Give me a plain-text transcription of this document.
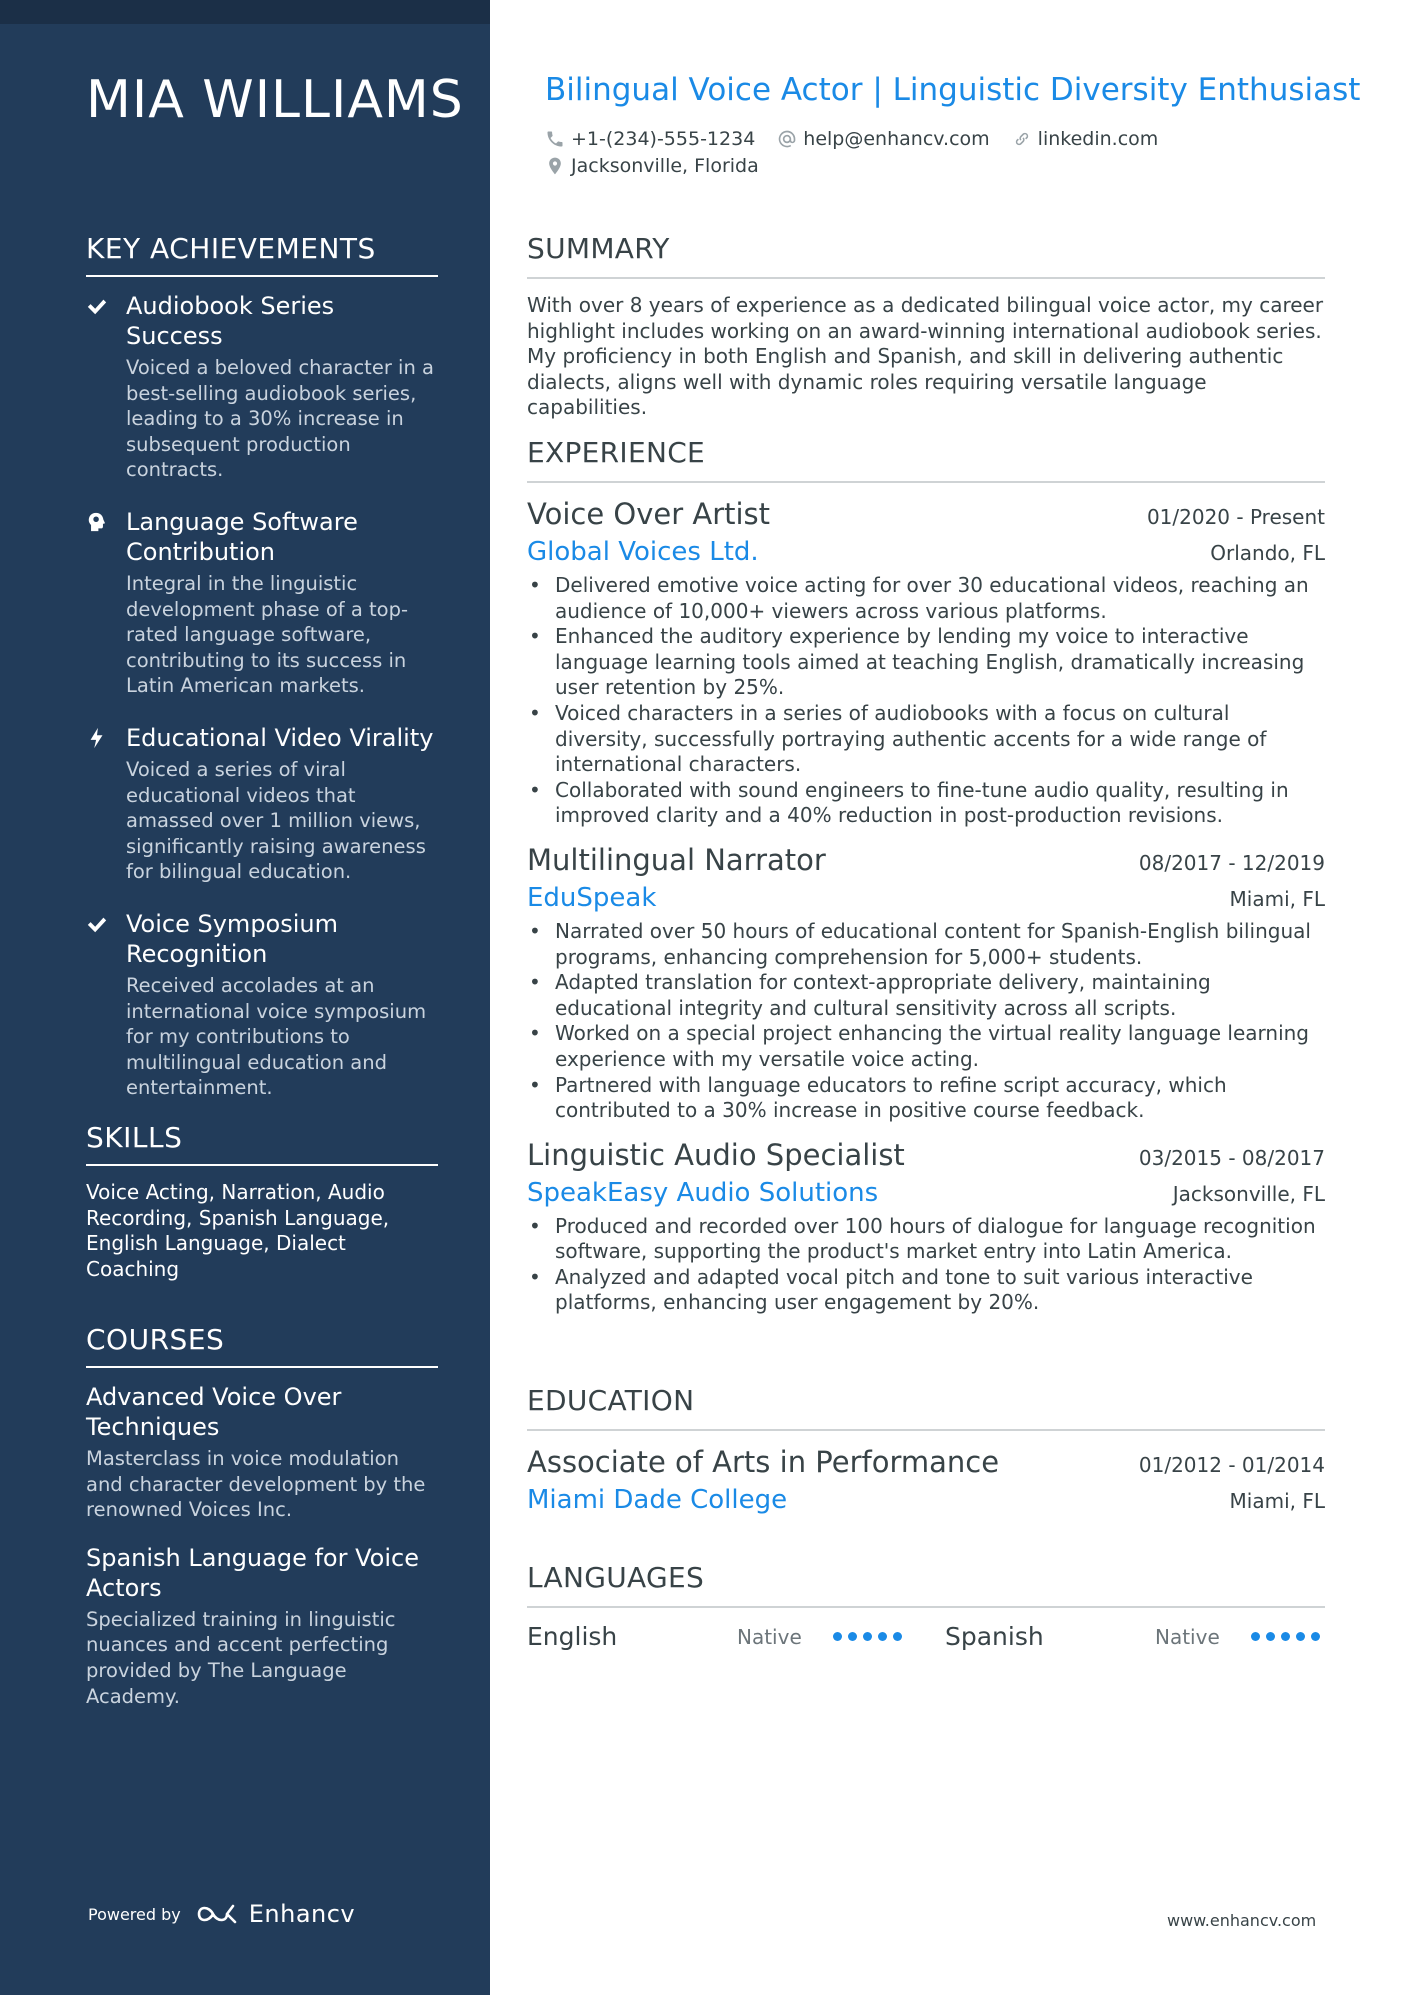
MIA WILLIAMS
KEY ACHIEVEMENTS
Audiobook Series Success
Voiced a beloved character in a best-selling audiobook series, leading to a 30% increase in subsequent production contracts.
Language Software Contribution
Integral in the linguistic development phase of a top-rated language software, contributing to its success in Latin American markets.
Educational Video Virality
Voiced a series of viral educational videos that amassed over 1 million views, significantly raising awareness for bilingual education.
Voice Symposium Recognition
Received accolades at an international voice symposium for my contributions to multilingual education and entertainment.
SKILLS
Voice Acting, Narration, Audio Recording, Spanish Language, English Language, Dialect Coaching
COURSES
Advanced Voice Over Techniques
Masterclass in voice modulation and character development by the renowned Voices Inc.
Spanish Language for Voice Actors
Specialized training in linguistic nuances and accent perfecting provided by The Language Academy.
Powered by	Enhancv
Bilingual Voice Actor | Linguistic Diversity Enthusiast
+1-(234)-555-1234	help@enhancv.com	linkedin.com
Jacksonville, Florida
SUMMARY
With over 8 years of experience as a dedicated bilingual voice actor, my career highlight includes working on an award-winning international audiobook series. My proficiency in both English and Spanish, and skill in delivering authentic dialects, aligns well with dynamic roles requiring versatile language capabilities.
EXPERIENCE
Voice Over Artist	01/2020 - Present
Global Voices Ltd.	Orlando, FL
• Delivered emotive voice acting for over 30 educational videos, reaching an audience of 10,000+ viewers across various platforms.
• Enhanced the auditory experience by lending my voice to interactive language learning tools aimed at teaching English, dramatically increasing user retention by 25%.
• Voiced characters in a series of audiobooks with a focus on cultural diversity, successfully portraying authentic accents for a wide range of international characters.
• Collaborated with sound engineers to fine-tune audio quality, resulting in improved clarity and a 40% reduction in post-production revisions.
Multilingual Narrator	08/2017 - 12/2019
EduSpeak	Miami, FL
• Narrated over 50 hours of educational content for Spanish-English bilingual programs, enhancing comprehension for 5,000+ students.
• Adapted translation for context-appropriate delivery, maintaining educational integrity and cultural sensitivity across all scripts.
• Worked on a special project enhancing the virtual reality language learning experience with my versatile voice acting.
• Partnered with language educators to refine script accuracy, which contributed to a 30% increase in positive course feedback.
Linguistic Audio Specialist	03/2015 - 08/2017
SpeakEasy Audio Solutions	Jacksonville, FL
• Produced and recorded over 100 hours of dialogue for language recognition software, supporting the product's market entry into Latin America.
• Analyzed and adapted vocal pitch and tone to suit various interactive platforms, enhancing user engagement by 20%.
EDUCATION
Associate of Arts in Performance	01/2012 - 01/2014
Miami Dade College	Miami, FL
LANGUAGES
English	Native	Spanish	Native
www.enhancv.com
